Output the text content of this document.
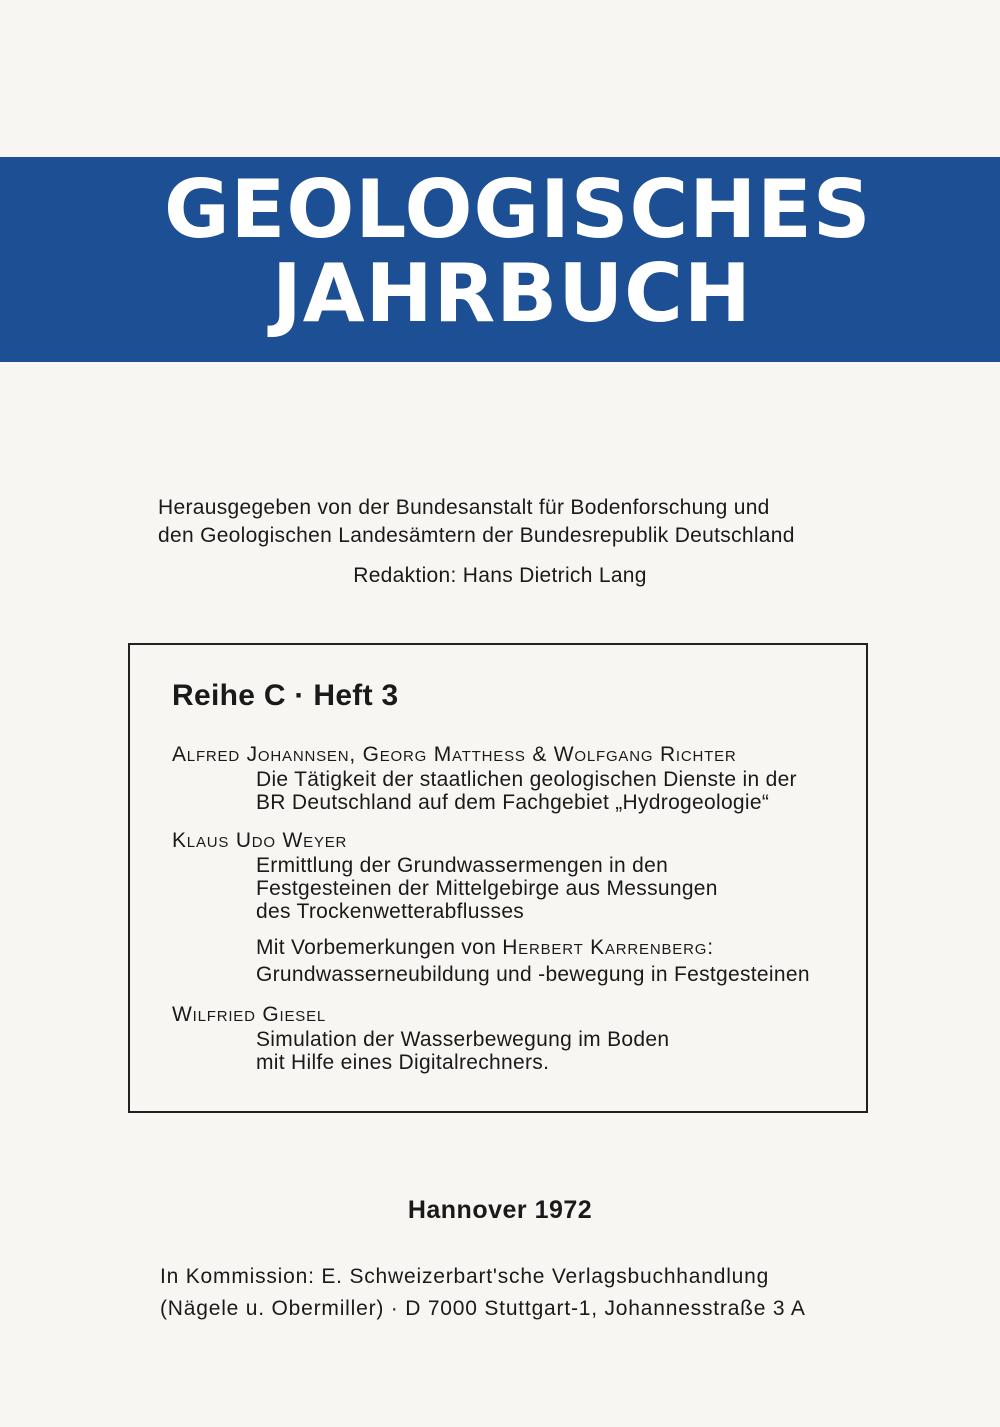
GEOLOGISCHES
JAHRBUCH
Herausgegeben von der Bundesanstalt für Bodenforschung und
den Geologischen Landesämtern der Bundesrepublik Deutschland
Redaktion: Hans Dietrich Lang
Reihe C · Heft 3
Alfred Johannsen, Georg Matthess & Wolfgang Richter
Die Tätigkeit der staatlichen geologischen Dienste in der
BR Deutschland auf dem Fachgebiet „Hydrogeologie“
Klaus Udo Weyer
Ermittlung der Grundwassermengen in den
Festgesteinen der Mittelgebirge aus Messungen
des Trockenwetterabflusses
Mit Vorbemerkungen von Herbert Karrenberg:
Grundwasserneubildung und -bewegung in Festgesteinen
Wilfried Giesel
Simulation der Wasserbewegung im Boden
mit Hilfe eines Digitalrechners.
Hannover 1972
In Kommission: E. Schweizerbart'sche Verlagsbuchhandlung
(Nägele u. Obermiller) · D 7000 Stuttgart-1, Johannesstraße 3 A
